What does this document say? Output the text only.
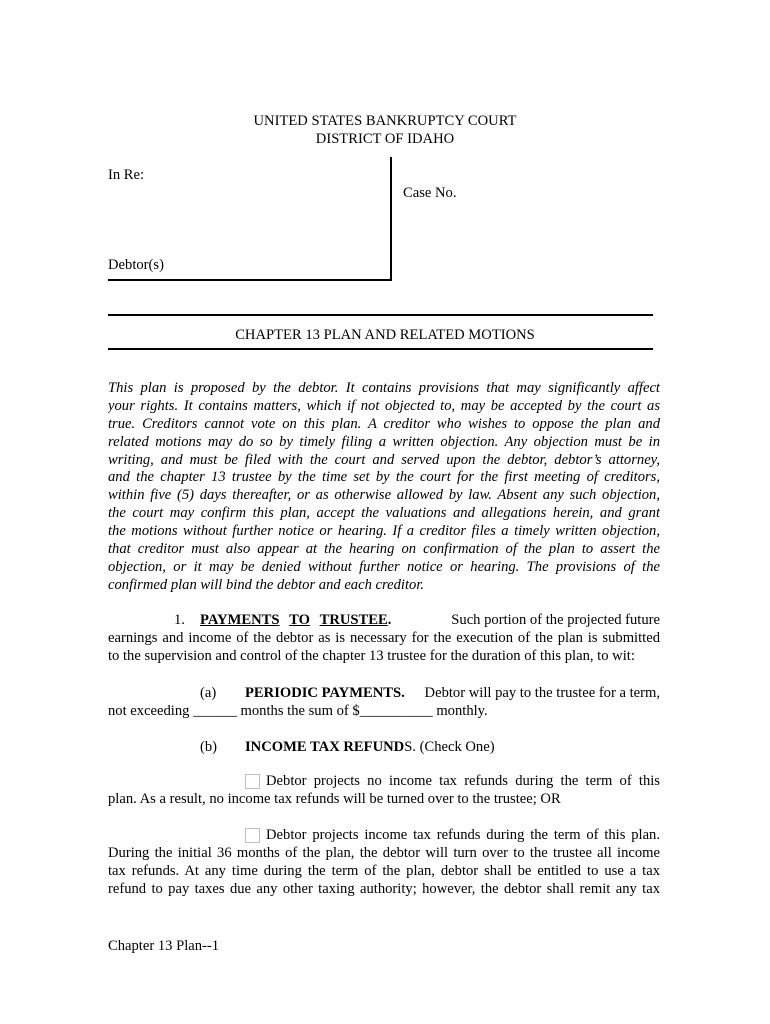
UNITED STATES BANKRUPTCY COURT
DISTRICT OF IDAHO
In Re:
Case No.
Debtor(s)
CHAPTER 13 PLAN AND RELATED MOTIONS
This plan is proposed by the debtor. It contains provisions that may significantly affect
your rights. It contains matters, which if not objected to, may be accepted by the court as
true. Creditors cannot vote on this plan. A creditor who wishes to oppose the plan and
related motions may do so by timely filing a written objection. Any objection must be in
writing, and must be filed with the court and served upon the debtor, debtor’s attorney,
and the chapter 13 trustee by the time set by the court for the first meeting of creditors,
within five (5) days thereafter, or as otherwise allowed by law. Absent any such objection,
the court may confirm this plan, accept the valuations and allegations herein, and grant
the motions without further notice or hearing. If a creditor files a timely written objection,
that creditor must also appear at the hearing on confirmation of the plan to assert the
objection, or it may be denied without further notice or hearing. The provisions of the
confirmed plan will bind the debtor and each creditor.
1. PAYMENTS TO TRUSTEE.	Such portion of the projected future
earnings and income of the debtor as is necessary for the execution of the plan is submitted
to the supervision and control of the chapter 13 trustee for the duration of this plan, to wit:
(a) PERIODIC PAYMENTS. Debtor will pay to the trustee for a term,
not exceeding ______ months the sum of $__________ monthly.
(b) INCOME TAX REFUNDS. (Check One)
Debtor projects no income tax refunds during the term of this
plan. As a result, no income tax refunds will be turned over to the trustee; OR
Debtor projects income tax refunds during the term of this plan.
During the initial 36 months of the plan, the debtor will turn over to the trustee all income
tax refunds. At any time during the term of the plan, debtor shall be entitled to use a tax
refund to pay taxes due any other taxing authority; however, the debtor shall remit any tax
Chapter 13 Plan--1
